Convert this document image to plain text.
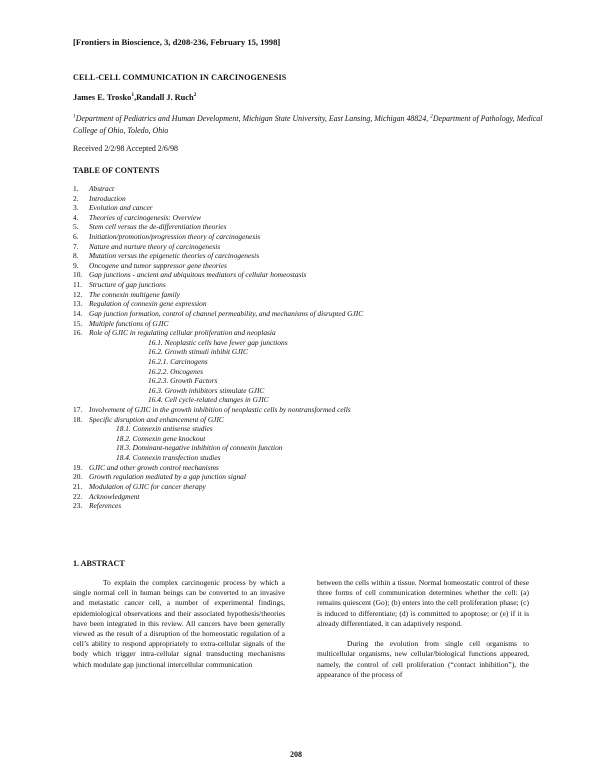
[Frontiers in Bioscience, 3, d208-236, February 15, 1998]
CELL-CELL COMMUNICATION IN CARCINOGENESIS
James E. Trosko$^1$,Randall J. Ruch$^2$
$^1$Department of Pediatrics and Human Development, Michigan State University, East Lansing, Michigan 48824, $^2$Department of Pathology, Medical College of Ohio, Toledo, Ohio
Received 2/2/98 Accepted 2/6/98
TABLE OF CONTENTS
1. Abstract
2. Introduction
3. Evolution and cancer
4. Theories of carcinogenesis: Overview
5. Stem cell versus the de-differentiation theories
6. Initiation/promotion/progression theory of carcinogenesis
7. Nature and nurture theory of carcinogenesis
8. Mutation versus the epigenetic theories of carcinogenesis
9. Oncogene and tumor suppressor gene theories
10. Gap junctions - ancient and ubiquitous mediators of cellular homeostasis
11. Structure of gap junctions
12. The connexin multigene family
13. Regulation of connexin gene expression
14. Gap junction formation, control of channel permeability, and mechanisms of disrupted GJIC
15. Multiple functions of GJIC
16. Role of GJIC in regulating cellular proliferation and neoplasia
16.1. Neoplastic cells have fewer gap junctions
16.2. Growth stimuli inhibit GJIC
16.2.1. Carcinogens
16.2.2. Oncogenes
16.2.3. Growth Factors
16.3. Growth inhibitors stimulate GJIC
16.4. Cell cycle-related changes in GJIC
17. Involvement of GJIC in the growth inhibition of neoplastic cells by nontransformed cells
18. Specific disruption and enhancement of GJIC
18.1. Connexin antisense studies
18.2. Connexin gene knockout
18.3. Dominant-negative inhibition of connexin function
18.4. Connexin transfection studies
19. GJIC and other growth control mechanisms
20. Growth regulation mediated by a gap junction signal
21. Modulation of GJIC for cancer therapy
22. Acknowledgment
23. References
1. ABSTRACT

To explain the complex carcinogenic process by which a single normal cell in human beings can be converted to an invasive and metastatic cancer cell, a number of experimental findings, epidemiological observations and their associated hypothesis/theories have been integrated in this review. All cancers have been generally viewed as the result of a disruption of the homeostatic regulation of a cell’s ability to respond appropriately to extra-cellular signals of the body which trigger intra-cellular signal transducting mechanisms which modulate gap junctional intercellular communication

between the cells within a tissue. Normal homeostatic control of these three forms of cell communication determines whether the cell: (a) remains quiescent (Go); (b) enters into the cell proliferation phase; (c) is induced to differentiate; (d) is committed to apoptose; or (e) if it is already differentiated, it can adaptively respond.

During the evolution from single cell organisms to multicellular organisms, new cellular/biological functions appeared, namely, the control of cell proliferation (“contact inhibition”), the appearance of the process of

208
